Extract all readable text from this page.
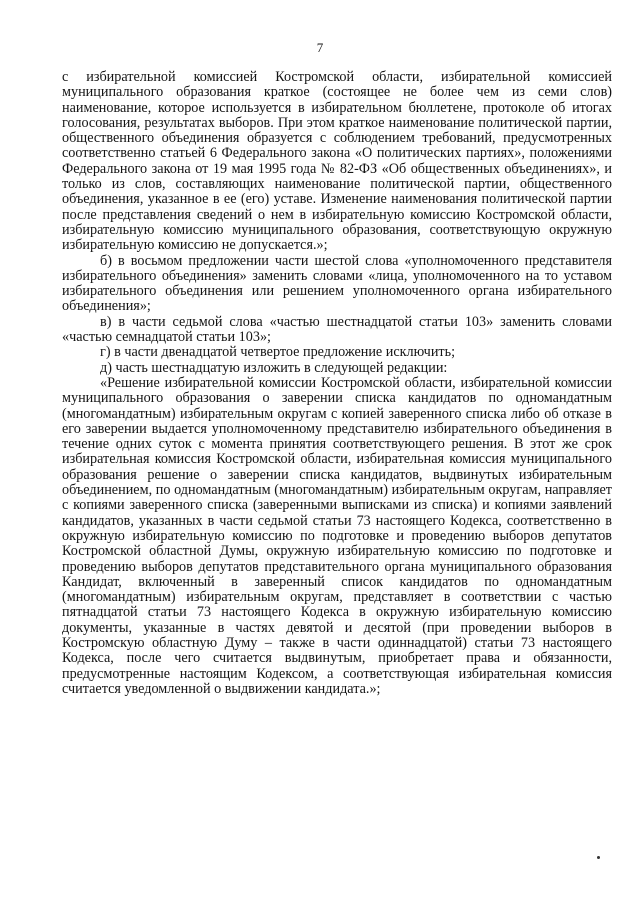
7

с избирательной комиссией Костромской области, избирательной комиссией муниципального образования краткое (состоящее не более чем из семи слов) наименование, которое используется в избирательном бюллетене, протоколе об итогах голосования, результатах выборов. При этом краткое наименование политической партии, общественного объединения образуется с соблюдением требований, предусмотренных соответственно статьей 6 Федерального закона «О политических партиях», положениями Федерального закона от 19 мая 1995 года № 82-ФЗ «Об общественных объединениях», и только из слов, составляющих наименование политической партии, общественного объединения, указанное в ее (его) уставе. Изменение наименования политической партии после представления сведений о нем в избирательную комиссию Костромской области, избирательную комиссию муниципального образования, соответствующую окружную избирательную комиссию не допускается.»;

б) в восьмом предложении части шестой слова «уполномоченного представителя избирательного объединения» заменить словами «лица, уполномоченного на то уставом избирательного объединения или решением уполномоченного органа избирательного объединения»;

в) в части седьмой слова «частью шестнадцатой статьи 103» заменить словами «частью семнадцатой статьи 103»;

г) в части двенадцатой четвертое предложение исключить;

д) часть шестнадцатую изложить в следующей редакции:

«Решение избирательной комиссии Костромской области, избирательной комиссии муниципального образования о заверении списка кандидатов по одномандатным (многомандатным) избирательным округам с копией заверенного списка либо об отказе в его заверении выдается уполномоченному представителю избирательного объединения в течение одних суток с момента принятия соответствующего решения. В этот же срок избирательная комиссия Костромской области, избирательная комиссия муниципального образования решение о заверении списка кандидатов, выдвинутых избирательным объединением, по одномандатным (многомандатным) избирательным округам, направляет с копиями заверенного списка (заверенными выписками из списка) и копиями заявлений кандидатов, указанных в части седьмой статьи 73 настоящего Кодекса, соответственно в окружную избирательную комиссию по подготовке и проведению выборов депутатов Костромской областной Думы, окружную избирательную комиссию по подготовке и проведению выборов депутатов представительного органа муниципального образования Кандидат, включенный в заверенный список кандидатов по одномандатным (многомандатным) избирательным округам, представляет в соответствии с частью пятнадцатой статьи 73 настоящего Кодекса в окружную избирательную комиссию документы, указанные в частях девятой и десятой (при проведении выборов в Костромскую областную Думу – также в части одиннадцатой) статьи 73 настоящего Кодекса, после чего считается выдвинутым, приобретает права и обязанности, предусмотренные настоящим Кодексом, а соответствующая избирательная комиссия считается уведомленной о выдвижении кандидата.»;
